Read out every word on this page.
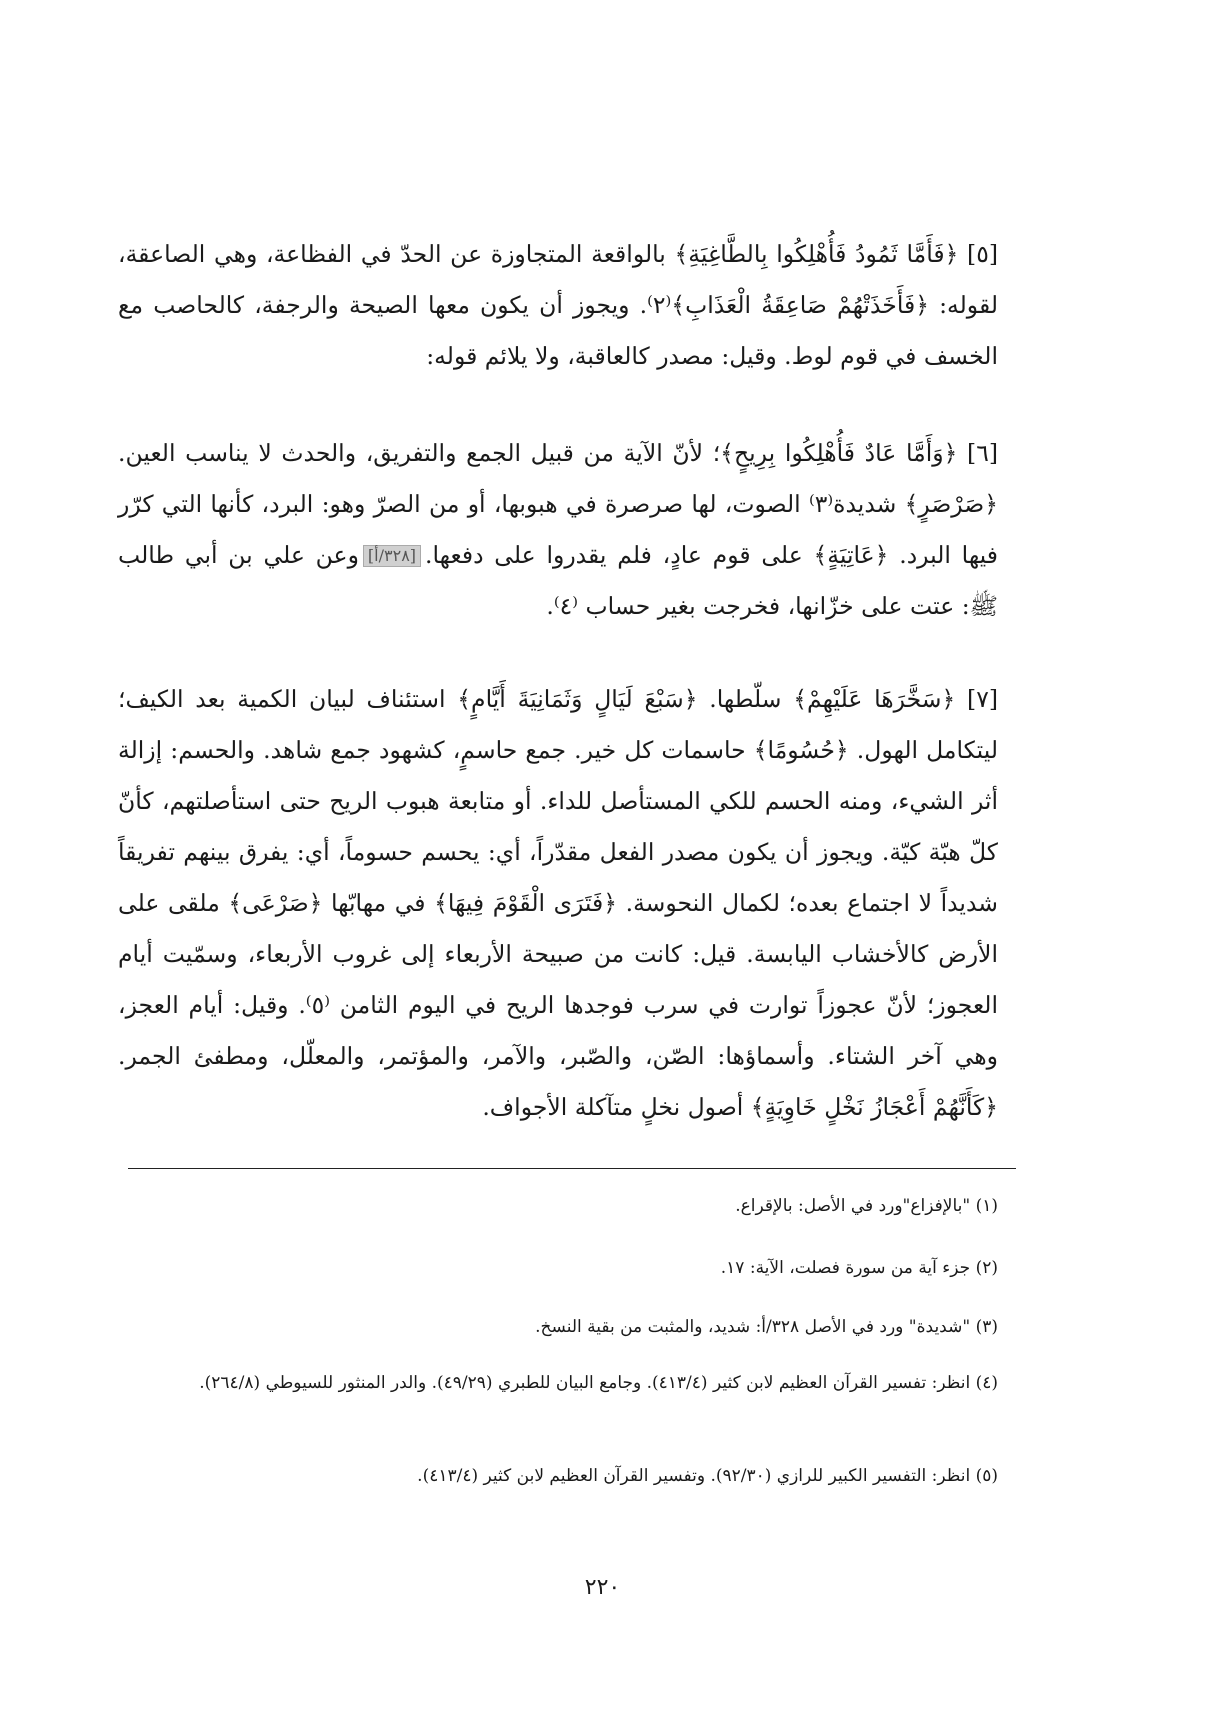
[٥] ﴿فَأَمَّا ثَمُودُ فَأُهْلِكُوا بِالطَّاغِيَةِ﴾ بالواقعة المتجاوزة عن الحدّ في الفظاعة، وهي الصاعقة، لقوله: ﴿فَأَخَذَتْهُمْ صَاعِقَةُ الْعَذَابِ﴾⁽٢⁾. ويجوز أن يكون معها الصيحة والرجفة، كالحاصب مع الخسف في قوم لوط. وقيل: مصدر كالعاقبة، ولا يلائم قوله:

[٦] ﴿وَأَمَّا عَادٌ فَأُهْلِكُوا بِرِيحٍ﴾؛ لأنّ الآية من قبيل الجمع والتفريق، والحدث لا يناسب العين. ﴿صَرْصَرٍ﴾ شديدة⁽٣⁾ الصوت، لها صرصرة في هبوبها، أو من الصرّ وهو: البرد، كأنها التي كرّر فيها البرد. ﴿عَاتِيَةٍ﴾ على قوم عادٍ، فلم يقدروا على دفعها.[٣٢٨/أ]وعن علي بن أبي طالب ﷺ: عتت على خزّانها، فخرجت بغير حساب ⁽٤⁾.

[٧] ﴿سَخَّرَهَا عَلَيْهِمْ﴾ سلّطها. ﴿سَبْعَ لَيَالٍ وَثَمَانِيَةَ أَيَّامٍ﴾ استئناف لبيان الكمية بعد الكيف؛ ليتكامل الهول. ﴿حُسُومًا﴾ حاسمات كل خير. جمع حاسمٍ، كشهود جمع شاهد. والحسم: إزالة أثر الشيء، ومنه الحسم للكي المستأصل للداء. أو متابعة هبوب الريح حتى استأصلتهم، كأنّ كلّ هبّة كيّة. ويجوز أن يكون مصدر الفعل مقدّراً، أي: يحسم حسوماً، أي: يفرق بينهم تفريقاً شديداً لا اجتماع بعده؛ لكمال النحوسة. ﴿فَتَرَى الْقَوْمَ فِيهَا﴾ في مهابّها ﴿صَرْعَى﴾ ملقى على الأرض كالأخشاب اليابسة. قيل: كانت من صبيحة الأربعاء إلى غروب الأربعاء، وسمّيت أيام العجوز؛ لأنّ عجوزاً توارت في سرب فوجدها الريح في اليوم الثامن ⁽٥⁾. وقيل: أيام العجز، وهي آخر الشتاء. وأسماؤها: الصّن، والصّبر، والآمر، والمؤتمر، والمعلّل، ومطفئ الجمر. ﴿كَأَنَّهُمْ أَعْجَازُ نَخْلٍ خَاوِيَةٍ﴾ أصول نخلٍ متآكلة الأجواف.

(١) "بالإفزاع"ورد في الأصل: بالإقراع.
(٢) جزء آية من سورة فصلت، الآية: ١٧.
(٣) "شديدة" ورد في الأصل ٣٢٨/أ: شديد، والمثبت من بقية النسخ.
(٤) انظر: تفسير القرآن العظيم لابن كثير (٤١٣/٤). وجامع البيان للطبري (٤٩/٢٩). والدر المنثور للسيوطي (٢٦٤/٨).
(٥) انظر: التفسير الكبير للرازي (٩٢/٣٠). وتفسير القرآن العظيم لابن كثير (٤١٣/٤).
٢٢٠
